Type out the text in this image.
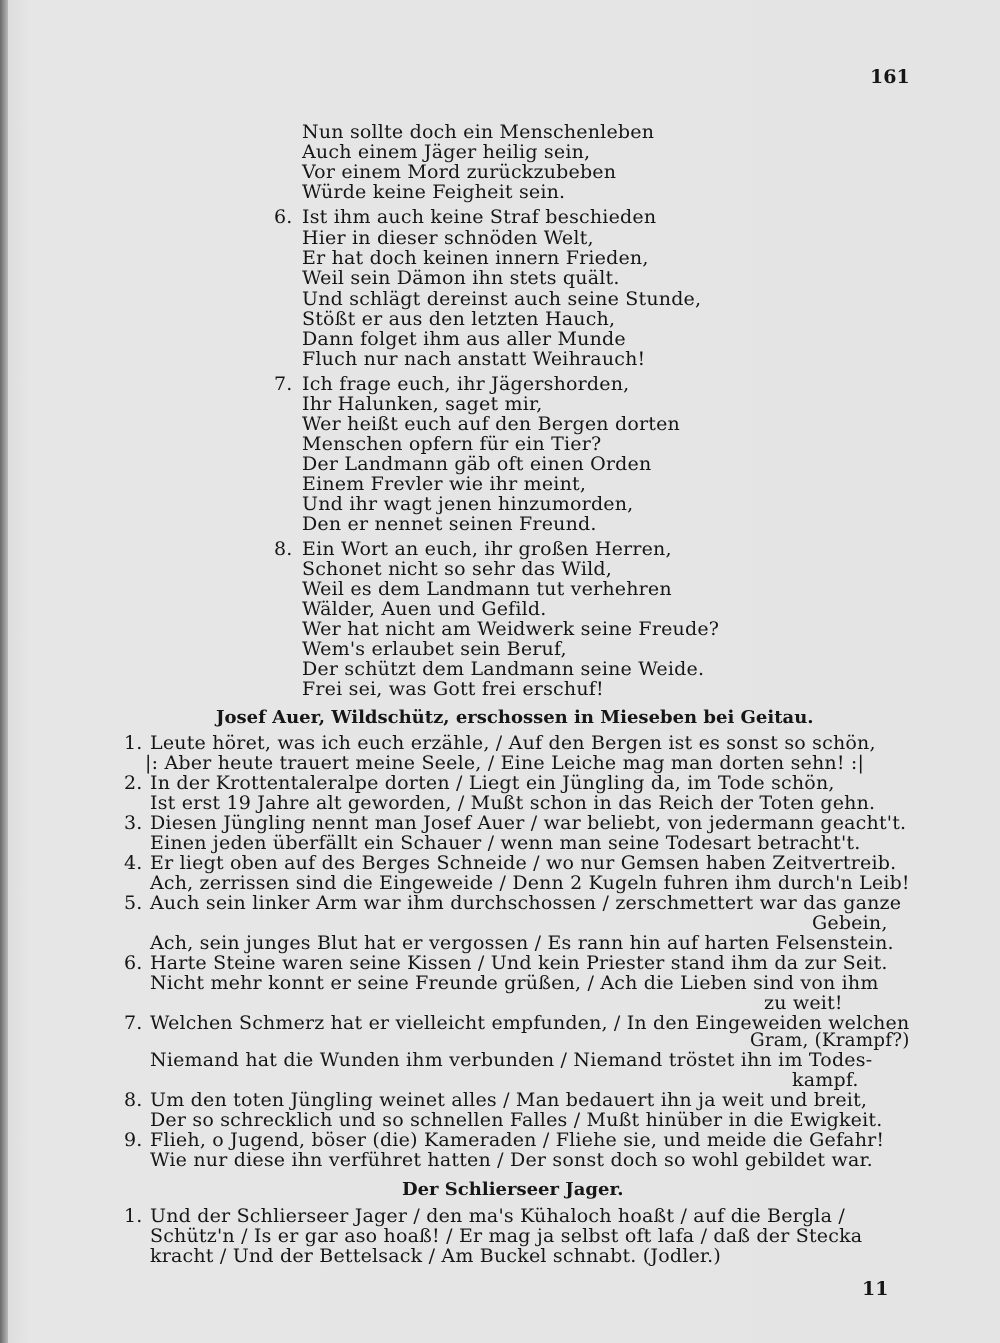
161
Nun sollte doch ein Menschenleben
Auch einem Jäger heilig sein,
Vor einem Mord zurückzubeben
Würde keine Feigheit sein.
6. Ist ihm auch keine Straf beschieden
Hier in dieser schnöden Welt,
Er hat doch keinen innern Frieden,
Weil sein Dämon ihn stets quält.
Und schlägt dereinst auch seine Stunde,
Stößt er aus den letzten Hauch,
Dann folget ihm aus aller Munde
Fluch nur nach anstatt Weihrauch!
7. Ich frage euch, ihr Jägershorden,
Ihr Halunken, saget mir,
Wer heißt euch auf den Bergen dorten
Menschen opfern für ein Tier?
Der Landmann gäb oft einen Orden
Einem Frevler wie ihr meint,
Und ihr wagt jenen hinzumorden,
Den er nennet seinen Freund.
8. Ein Wort an euch, ihr großen Herren,
Schonet nicht so sehr das Wild,
Weil es dem Landmann tut verhehren
Wälder, Auen und Gefild.
Wer hat nicht am Weidwerk seine Freude?
Wem's erlaubet sein Beruf,
Der schützt dem Landmann seine Weide.
Frei sei, was Gott frei erschuf!
Josef Auer, Wildschütz, erschossen in Mieseben bei Geitau.
1. Leute höret, was ich euch erzähle, / Auf den Bergen ist es sonst so schön,
|: Aber heute trauert meine Seele, / Eine Leiche mag man dorten sehn! :|
2. In der Krottentaleralpe dorten / Liegt ein Jüngling da, im Tode schön,
Ist erst 19 Jahre alt geworden, / Mußt schon in das Reich der Toten gehn.
3. Diesen Jüngling nennt man Josef Auer / war beliebt, von jedermann geacht't.
Einen jeden überfällt ein Schauer / wenn man seine Todesart betracht't.
4. Er liegt oben auf des Berges Schneide / wo nur Gemsen haben Zeitvertreib.
Ach, zerrissen sind die Eingeweide / Denn 2 Kugeln fuhren ihm durch'n Leib!
5. Auch sein linker Arm war ihm durchschossen / zerschmettert war das ganze
Gebein,
Ach, sein junges Blut hat er vergossen / Es rann hin auf harten Felsenstein.
6. Harte Steine waren seine Kissen / Und kein Priester stand ihm da zur Seit.
Nicht mehr konnt er seine Freunde grüßen, / Ach die Lieben sind von ihm
zu weit!
7. Welchen Schmerz hat er vielleicht empfunden, / In den Eingeweiden welchen
Gram, (Krampf?)
Niemand hat die Wunden ihm verbunden / Niemand tröstet ihn im Todes-
kampf.
8. Um den toten Jüngling weinet alles / Man bedauert ihn ja weit und breit,
Der so schrecklich und so schnellen Falles / Mußt hinüber in die Ewigkeit.
9. Flieh, o Jugend, böser (die) Kameraden / Fliehe sie, und meide die Gefahr!
Wie nur diese ihn verführet hatten / Der sonst doch so wohl gebildet war.
Der Schlierseer Jager.
1. Und der Schlierseer Jager / den ma's Kühaloch hoaßt / auf die Bergla /
Schütz'n / Is er gar aso hoaß! / Er mag ja selbst oft lafa / daß der Stecka
kracht / Und der Bettelsack / Am Buckel schnabt. (Jodler.)
11
